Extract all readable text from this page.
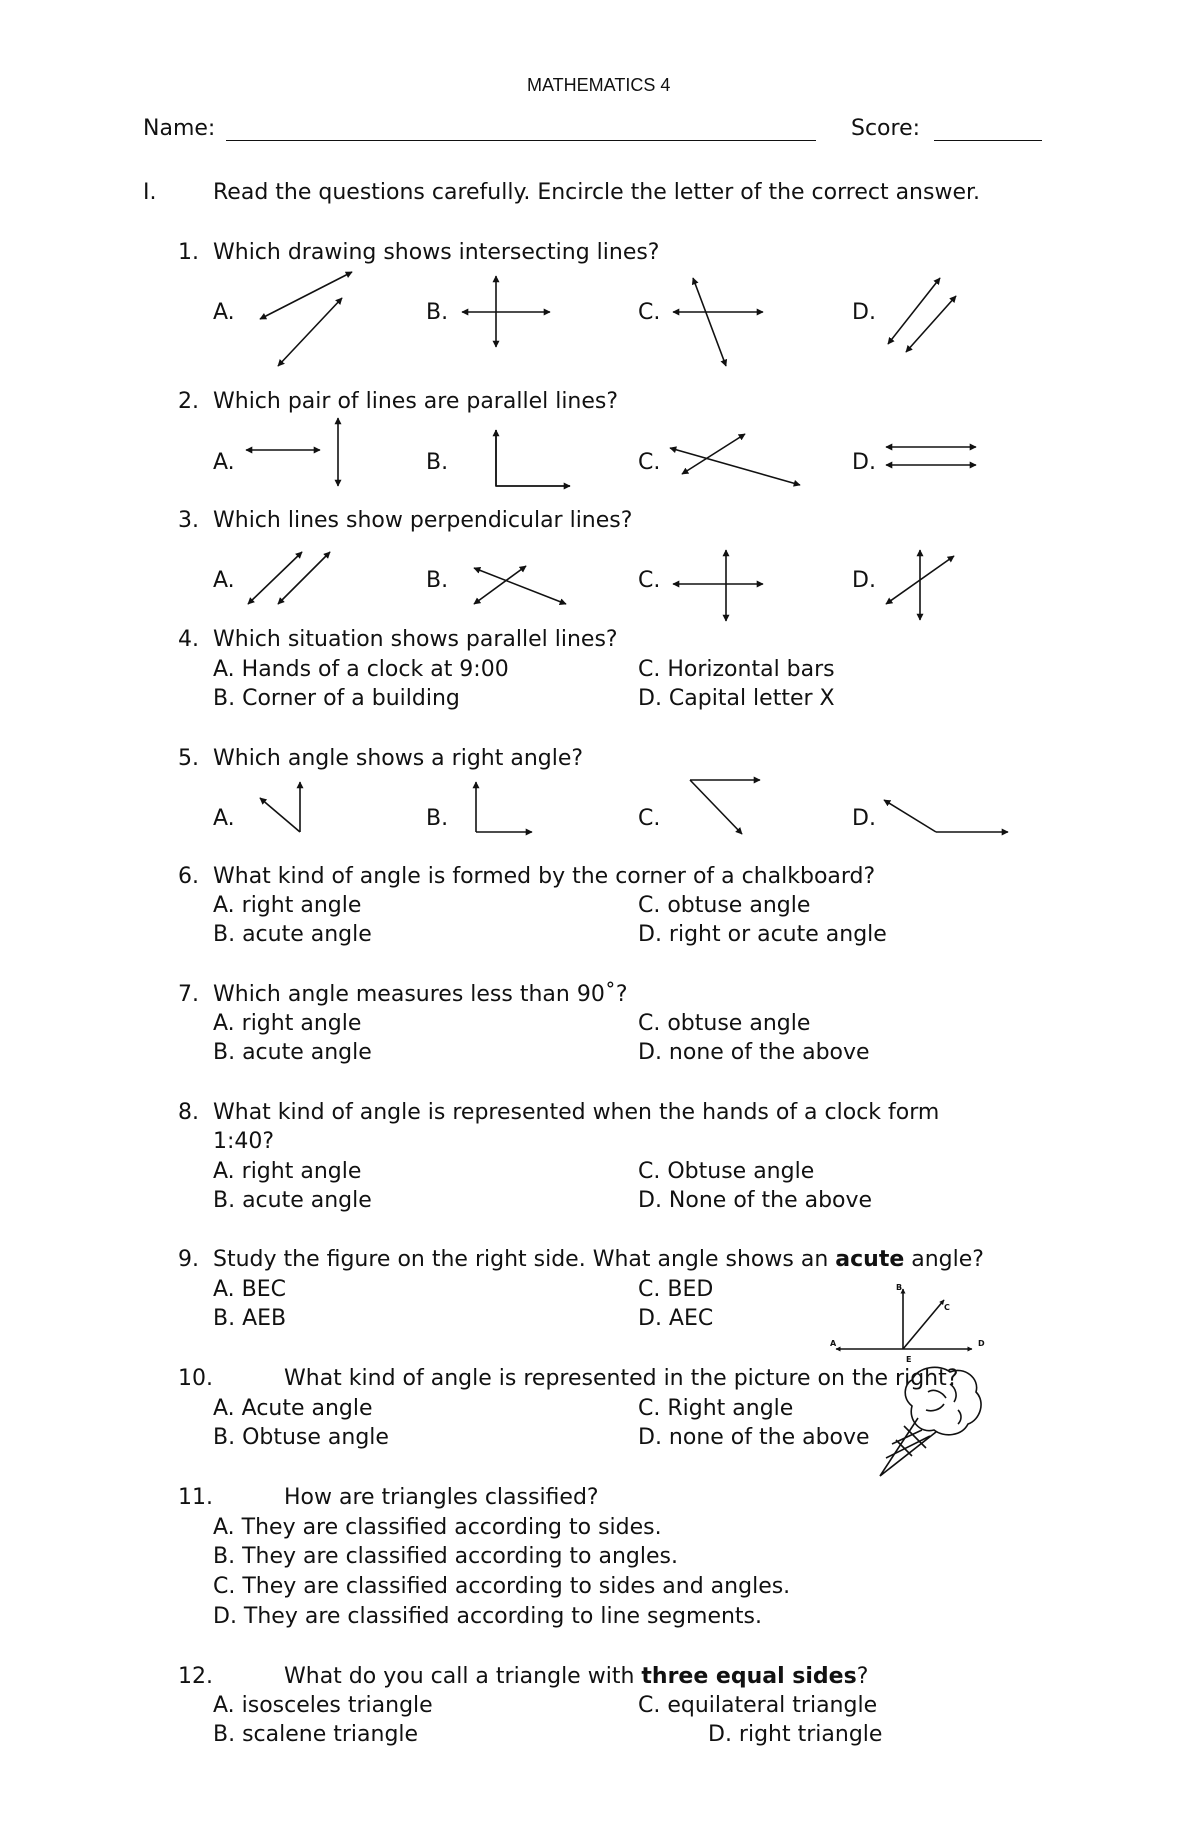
MATHEMATICS 4
Name:	Score:
I.	Read the questions carefully. Encircle the letter of the correct answer.
1. Which drawing shows intersecting lines?
A.	B.	C.	D.
2. Which pair of lines are parallel lines?
A.	B.	C.	D.
3. Which lines show perpendicular lines?
A.	B.	C.	D.
4. Which situation shows parallel lines?
A. Hands of a clock at 9:00	C. Horizontal bars
B. Corner of a building	D. Capital letter X
5. Which angle shows a right angle?
A.	B.	C.	D.
6. What kind of angle is formed by the corner of a chalkboard?
A. right angle	C. obtuse angle
B. acute angle	D. right or acute angle
7. Which angle measures less than 90˚?
A. right angle	C. obtuse angle
B. acute angle	D. none of the above
8. What kind of angle is represented when the hands of a clock form
1:40?
A. right angle	C. Obtuse angle
B. acute angle	D. None of the above
9. Study the figure on the right side. What angle shows an acute angle?
A. BEC	C. BED
B. AEB	D. AEC
10.	What kind of angle is represented in the picture on the right?
A. Acute angle	C. Right angle
B. Obtuse angle	D. none of the above
11.	How are triangles classified?
A. They are classified according to sides.
B. They are classified according to angles.
C. They are classified according to sides and angles.
D. They are classified according to line segments.
12.	What do you call a triangle with three equal sides?
A. isosceles triangle	C. equilateral triangle
B. scalene triangle	D. right triangle
A
B
C
D
E
